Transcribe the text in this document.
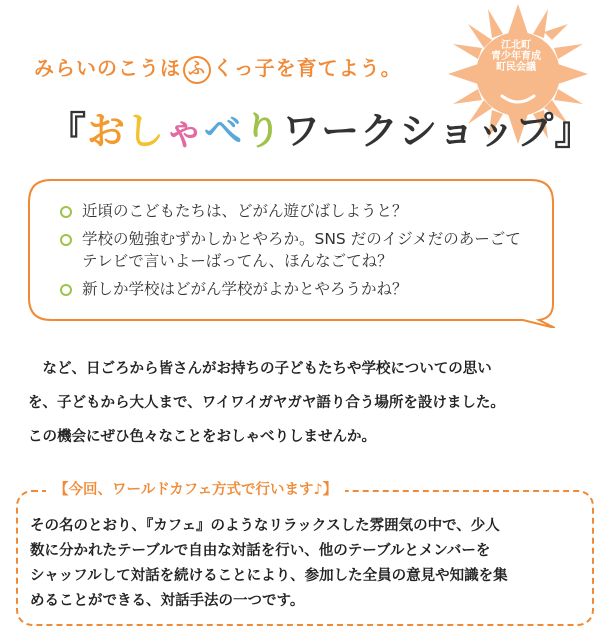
みらいのこうほ ふ くっ子を育てよう。
江北町
青少年育成
町民会議
『おしゃべりワークショップ』
近頃のこどもたちは、どがん遊びばしようと？
学校の勉強むずかしかとやろか。SNS だのイジメだのあーごて
テレビで言いよーばってん、ほんなごてね？
新しか学校はどがん学校がよかとやろうかね？

　など、日ごろから皆さんがお持ちの子どもたちや学校についての思い

を、子どもから大人まで、ワイワイガヤガヤ語り合う場所を設けました。

この機会にぜひ色々なことをおしゃべりしませんか。

【今回、ワールドカフェ方式で行います♪】

その名のとおり、『カフェ』のようなリラックスした雰囲気の中で、少人

数に分かれたテーブルで自由な対話を行い、他のテーブルとメンバーを

シャッフルして対話を続けることにより、参加した全員の意見や知識を集

めることができる、対話手法の一つです。
